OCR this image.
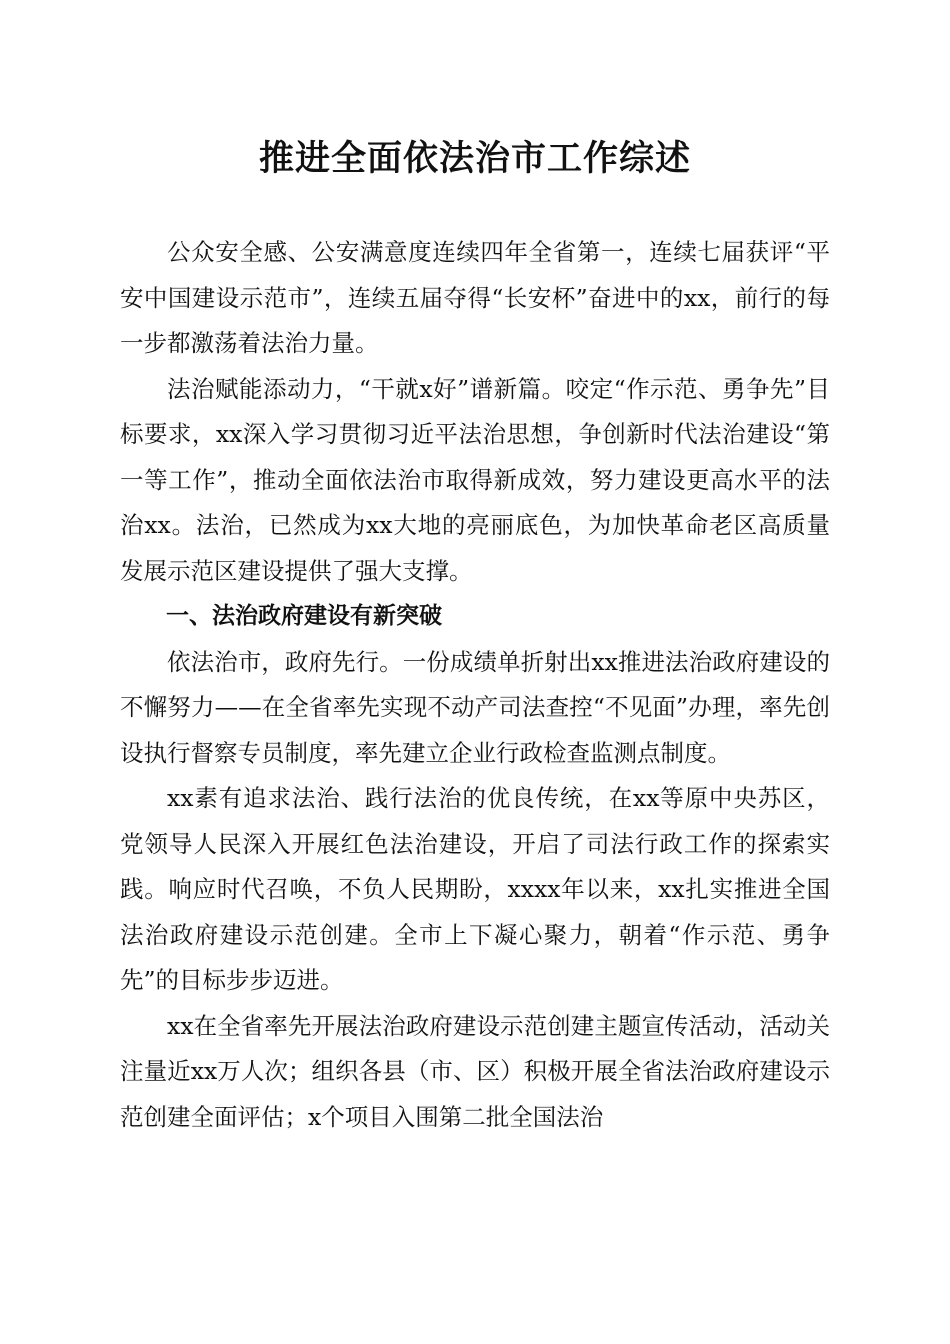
推进全面依法治市工作综述

公众安全感、公安满意度连续四年全省第一，连续七届获评“平安中国建设示范市”，连续五届夺得“长安杯”奋进中的xx，前行的每一步都激荡着法治力量。

法治赋能添动力，“干就x好”谱新篇。咬定“作示范、勇争先”目标要求，xx深入学习贯彻习近平法治思想，争创新时代法治建设“第一等工作”，推动全面依法治市取得新成效，努力建设更高水平的法治xx。法治，已然成为xx大地的亮丽底色，为加快革命老区高质量发展示范区建设提供了强大支撑。

一、法治政府建设有新突破

依法治市，政府先行。一份成绩单折射出xx推进法治政府建设的不懈努力——在全省率先实现不动产司法查控“不见面”办理，率先创设执行督察专员制度，率先建立企业行政检查监测点制度。

xx素有追求法治、践行法治的优良传统，在xx等原中央苏区，党领导人民深入开展红色法治建设，开启了司法行政工作的探索实践。响应时代召唤，不负人民期盼，xxxx年以来，xx扎实推进全国法治政府建设示范创建。全市上下凝心聚力，朝着“作示范、勇争先”的目标步步迈进。

xx在全省率先开展法治政府建设示范创建主题宣传活动，活动关注量近xx万人次；组织各县（市、区）积极开展全省法治政府建设示范创建全面评估；x个项目入围第二批全国法治
